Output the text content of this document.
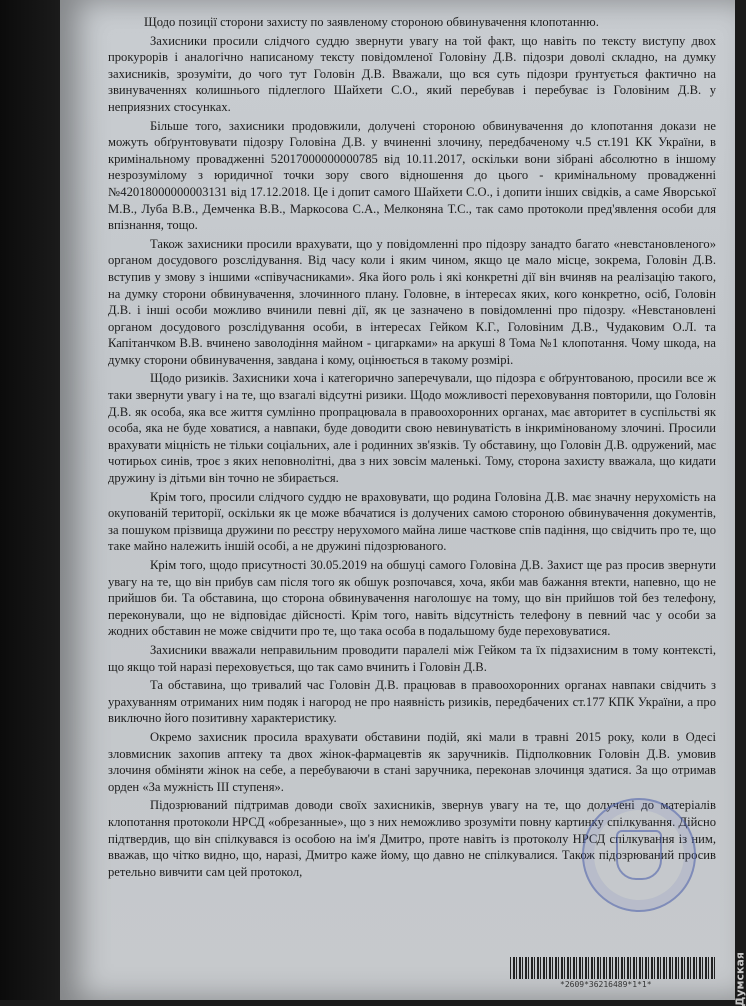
Щодо позиції сторони захисту по заявленому стороною обвинувачення клопотанню.

Захисники просили слідчого суддю звернути увагу на той факт, що навіть по тексту виступу двох прокурорів і аналогічно написаному тексту повідомленої Головіну Д.В. підозри доволі складно, на думку захисників, зрозуміти, до чого тут Головін Д.В. Вважали, що вся суть підозри ґрунтується фактично на звинуваченнях колишнього підлеглого Шайхети С.О., який перебував і перебуває із Головіним Д.В. у неприязних стосунках.

Більше того, захисники продовжили, долучені стороною обвинувачення до клопотання докази не можуть обґрунтовувати підозру Головіна Д.В. у вчиненні злочину, передбаченому ч.5 ст.191 КК України, в кримінальному провадженні 52017000000000785 від 10.11.2017, оскільки вони зібрані абсолютно в іншому незрозумілому з юридичної точки зору свого відношення до цього - кримінальному провадженні №42018000000003131 від 17.12.2018. Це і допит самого Шайхети С.О., і допити інших свідків, а саме Яворської М.В., Луба В.В., Демченка В.В., Маркосова С.А., Мелконяна Т.С., так само протоколи пред'явлення особи для впізнання, тощо.

Також захисники просили врахувати, що у повідомленні про підозру занадто багато «невстановленого» органом досудового розслідування. Від часу коли і яким чином, якщо це мало місце, зокрема, Головін Д.В. вступив у змову з іншими «співучасниками». Яка його роль і які конкретні дії він вчиняв на реалізацію такого, на думку сторони обвинувачення, злочинного плану. Головне, в інтересах яких, кого конкретно, осіб, Головін Д.В. і інші особи можливо вчинили певні дії, як це зазначено в повідомленні про підозру. «Невстановлені органом досудового розслідування особи, в інтересах Гейком К.Г., Головіним Д.В., Чудаковим О.Л. та Капітанчком В.В. вчинено заволодіння майном - цигарками» на аркуші 8 Тома №1 клопотання. Чому шкода, на думку сторони обвинувачення, завдана і кому, оцінюється в такому розмірі.

Щодо ризиків. Захисники хоча і категорично заперечували, що підозра є обґрунтованою, просили все ж таки звернути увагу і на те, що взагалі відсутні ризики. Щодо можливості переховування повторили, що Головін Д.В. як особа, яка все життя сумлінно пропрацювала в правоохоронних органах, має авторитет в суспільстві як особа, яка не буде ховатися, а навпаки, буде доводити свою невинуватість в інкримінованому злочині. Просили врахувати міцність не тільки соціальних, але і родинних зв'язків. Ту обставину, що Головін Д.В. одружений, має чотирьох синів, троє з яких неповнолітні, два з них зовсім маленькі. Тому, сторона захисту вважала, що кидати дружину із дітьми він точно не збирається.

Крім того, просили слідчого суддю не враховувати, що родина Головіна Д.В. має значну нерухомість на окупованій території, оскільки як це може вбачатися із долучених самою стороною обвинувачення документів, за пошуком прізвища дружини по реєстру нерухомого майна лише часткове спів падіння, що свідчить про те, що таке майно належить іншій особі, а не дружині підозрюваного.

Крім того, щодо присутності 30.05.2019 на обшуці самого Головіна Д.В. Захист ще раз просив звернути увагу на те, що він прибув сам після того як обшук розпочався, хоча, якби мав бажання втекти, напевно, що не прийшов би. Та обставина, що сторона обвинувачення наголошує на тому, що він прийшов той без телефону, переконували, що не відповідає дійсності. Крім того, навіть відсутність телефону в певний час у особи за жодних обставин не може свідчити про те, що така особа в подальшому буде переховуватися.

Захисники вважали неправильним проводити паралелі між Гейком та їх підзахисним в тому контексті, що якщо той наразі переховується, що так само вчинить і Головін Д.В.

Та обставина, що тривалий час Головін Д.В. працював в правоохоронних органах навпаки свідчить з урахуванням отриманих ним подяк і нагород не про наявність ризиків, передбачених ст.177 КПК України, а про виключно його позитивну характеристику.

Окремо захисник просила врахувати обставини подій, які мали в травні 2015 року, коли в Одесі зловмисник захопив аптеку та двох жінок-фармацевтів як заручників. Підполковник Головін Д.В. умовив злочиня обміняти жінок на себе, а перебуваючи в стані заручника, переконав злочинця здатися. За що отримав орден «За мужність ІІІ ступеня».

Підозрюваний підтримав доводи своїх захисників, звернув увагу на те, що долучені до матеріалів клопотання протоколи НРСД «обрезанные», що з них неможливо зрозуміти повну картинку спілкування. Дійсно підтвердив, що він спілкувався із особою на ім'я Дмитро, проте навіть із протоколу НРСД спілкування із ним, вважав, що чітко видно, що, наразі, Дмитро каже йому, що давно не спілкувалися. Також підозрюваний просив ретельно вивчити сам цей протокол,

*2609*36216489*1*1*	Думская
